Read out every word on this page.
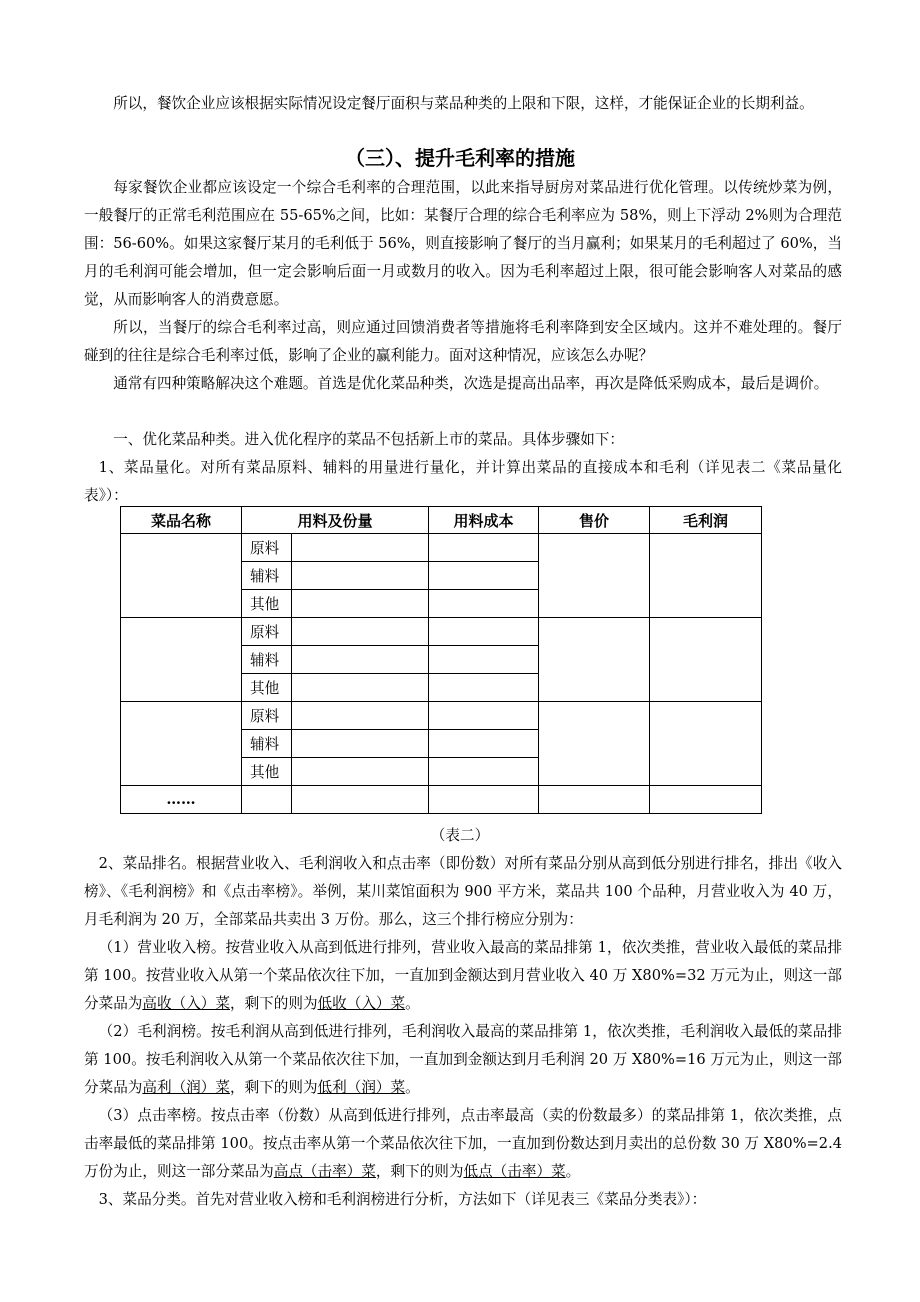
所以，餐饮企业应该根据实际情况设定餐厅面积与菜品种类的上限和下限，这样，才能保证企业的长期利益。

（三）、提升毛利率的措施

每家餐饮企业都应该设定一个综合毛利率的合理范围，以此来指导厨房对菜品进行优化管理。以传统炒菜为例，一般餐厅的正常毛利范围应在 55-65%之间，比如：某餐厅合理的综合毛利率应为 58%，则上下浮动 2%则为合理范围：56-60%。如果这家餐厅某月的毛利低于 56%，则直接影响了餐厅的当月赢利；如果某月的毛利超过了 60%，当月的毛利润可能会增加，但一定会影响后面一月或数月的收入。因为毛利率超过上限，很可能会影响客人对菜品的感觉，从而影响客人的消费意愿。

所以，当餐厅的综合毛利率过高，则应通过回馈消费者等措施将毛利率降到安全区域内。这并不难处理的。餐厅碰到的往往是综合毛利率过低，影响了企业的赢利能力。面对这种情况，应该怎么办呢？

通常有四种策略解决这个难题。首选是优化菜品种类，次选是提高出品率，再次是降低采购成本，最后是调价。

一、优化菜品种类。进入优化程序的菜品不包括新上市的菜品。具体步骤如下：

1、菜品量化。对所有菜品原料、辅料的用量进行量化，并计算出菜品的直接成本和毛利（详见表二《菜品量化表》）：

菜品名称	用料及份量		用料成本	售价	毛利润
	原料				
	辅料				
	其他				
	原料				
	辅料				
	其他				
	原料				
	辅料				
	其他				
……					

（表二）

2、菜品排名。根据营业收入、毛利润收入和点击率（即份数）对所有菜品分别从高到低分别进行排名，排出《收入榜》、《毛利润榜》和《点击率榜》。举例，某川菜馆面积为 900 平方米，菜品共 100 个品种，月营业收入为 40 万，月毛利润为 20 万，全部菜品共卖出 3 万份。那么，这三个排行榜应分别为：

（1）营业收入榜。按营业收入从高到低进行排列，营业收入最高的菜品排第 1，依次类推，营业收入最低的菜品排第 100。按营业收入从第一个菜品依次往下加，一直加到金额达到月营业收入 40 万 X80%=32 万元为止，则这一部分菜品为高收（入）菜，剩下的则为低收（入）菜。

（2）毛利润榜。按毛利润从高到低进行排列，毛利润收入最高的菜品排第 1，依次类推，毛利润收入最低的菜品排第 100。按毛利润收入从第一个菜品依次往下加，一直加到金额达到月毛利润 20 万 X80%=16 万元为止，则这一部分菜品为高利（润）菜，剩下的则为低利（润）菜。

（3）点击率榜。按点击率（份数）从高到低进行排列，点击率最高（卖的份数最多）的菜品排第 1，依次类推，点击率最低的菜品排第 100。按点击率从第一个菜品依次往下加，一直加到份数达到月卖出的总份数 30 万 X80%=2.4 万份为止，则这一部分菜品为高点（击率）菜，剩下的则为低点（击率）菜。

3、菜品分类。首先对营业收入榜和毛利润榜进行分析，方法如下（详见表三《菜品分类表》）：
